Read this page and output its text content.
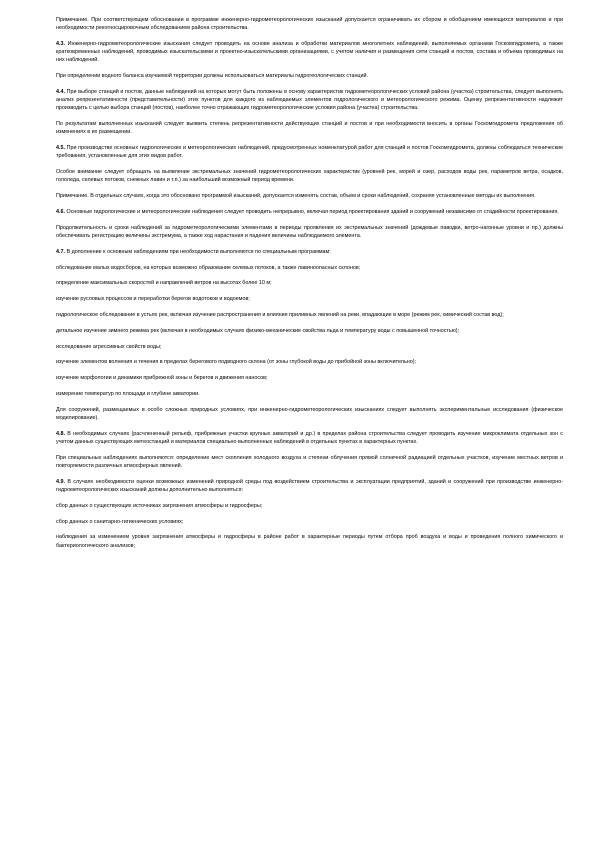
Примечание. При соответствующем обосновании в программе инженерно-гидрометеорологических изысканий допускается ограничивать их сбором и обобщением имеющихся материалов и при необходимости рекогносцировочным обследованием района строительства.

4.3. Инженерно-гидрометеорологические изыскания следует проводить на основе анализа и обработки материалов многолетних наблюдений, выполняемых органами Госкомгидромета, а также кратковременных наблюдений, проводимых изыскательскими и проектно-изыскательскими организациями, с учетом наличия и размещения сети станций и постов, состава и объема проводимых на них наблюдений.

При определении водного баланса изучаемой территории должны использоваться материалы гидрогеологических станций.

4.4. При выборе станций и постов, данные наблюдений на которых могут быть положены в основу характеристик гидрометеорологических условий района (участка) строительства, следует выполнять анализ репрезентативности (представительности) этих пунктов для каждого из наблюдаемых элементов гидрологического и метеорологического режима. Оценку репрезентативности надлежит производить с целью выбора станций (постов), наиболее точно отражающих гидрометеорологические условия района (участка) строительства.

По результатам выполненных изысканий следует выявить степень репрезентативности действующих станций и постов и при необходимости вносить в органы Госкомгидромета предложения об изменениях в их размещении.

4.5. При производстве основных гидрологических и метеорологических наблюдений, предусмотренных номенклатурой работ для станций и постов Госкомгидромета, должны соблюдаться технические требования, установленные для этих видов работ.

Особое внимание следует обращать на выявление экстремальных значений гидрометеорологических характеристик (уровней рек, морей и озер, расходов воды рек, параметров ветра, осадков, гололеда, селевых потоков, снежных лавин и т.п.) за наибольший возможный период времени.

Примечание. В отдельных случаях, когда это обосновано программой изысканий, допускается изменять состав, объем и сроки наблюдений, сохраняя установленные методы их выполнения.

4.6. Основные гидрологические и метеорологические наблюдения следует проводить непрерывно, включая период проектирования зданий и сооружений независимо от стадийности проектирования.

Продолжительность и сроки наблюдений за гидрометеорологическими элементами в периоды проявления их экстремальных значений (дождевые паводки, ветро-нагонные уровни и пр.) должны обеспечивать регистрацию величины экстремума, а также ход нарастания и падения величины наблюдаемого элемента.

4.7. В дополнение к основным наблюдениям при необходимости выполняются по специальным программам:

обследование малых водосборов, на которых возможно образование селевых потоков, а также лавиноопасных склонов;

определение максимальных скоростей и направлений ветров на высотах более 10 м;

изучение русловых процессов и переработки берегов водотоков и водоемов;

гидрологическое обследование в устьях рек, включая изучение распространения и влияния приливных явлений на реки, впадающие в море (режим рек, химический состав вод);

детальное изучение зимнего режима рек (включая в необходимых случаях физико-механические свойства льда и температуру воды с повышенной точностью);

исследование агрессивных свойств воды;

изучение элементов волнения и течения в пределах берегового подводного склона (от зоны глубокой воды до прибойной зоны включительно);

изучение морфологии и динамики прибрежной зоны и берегов и движения наносов;

измерение температур по площади и глубине акватории.

Для сооружений, размещаемых в особо сложных природных условиях, при инженерно-гидрометеорологических изысканиях следует выполнять экспериментальные исследования (физическое моделирование).

4.8. В необходимых случаях (расчлененный рельеф, прибрежные участки крупных акваторий и др.) в пределах района строительства следует проводить изучение микроклимата отдельных зон с учетом данных существующих метеостанций и материалов специально выполненных наблюдений в отдельных пунктах в характерных пунктах.

При специальных наблюдениях выполняются: определение мест скопления холодного воздуха и степени облучения прямой солнечной радиацией отдельных участков, изучение местных ветров и повторяемости различных атмосферных явлений.

4.9. В случаях необходимости оценки возможных изменений природной среды под воздействием строительства и эксплуатации предприятий, зданий и сооружений при производстве инженерно-гидрометеорологических изысканий должны дополнительно выполняться:

сбор данных о существующих источниках загрязнения атмосферы и гидросферы;

сбор данных о санитарно-гигиенических условиях;

наблюдения за изменением уровня загрязнения атмосферы и гидросферы в районе работ в характерные периоды путем отбора проб воздуха и воды и проведения полного химического и бактериологического анализов;
